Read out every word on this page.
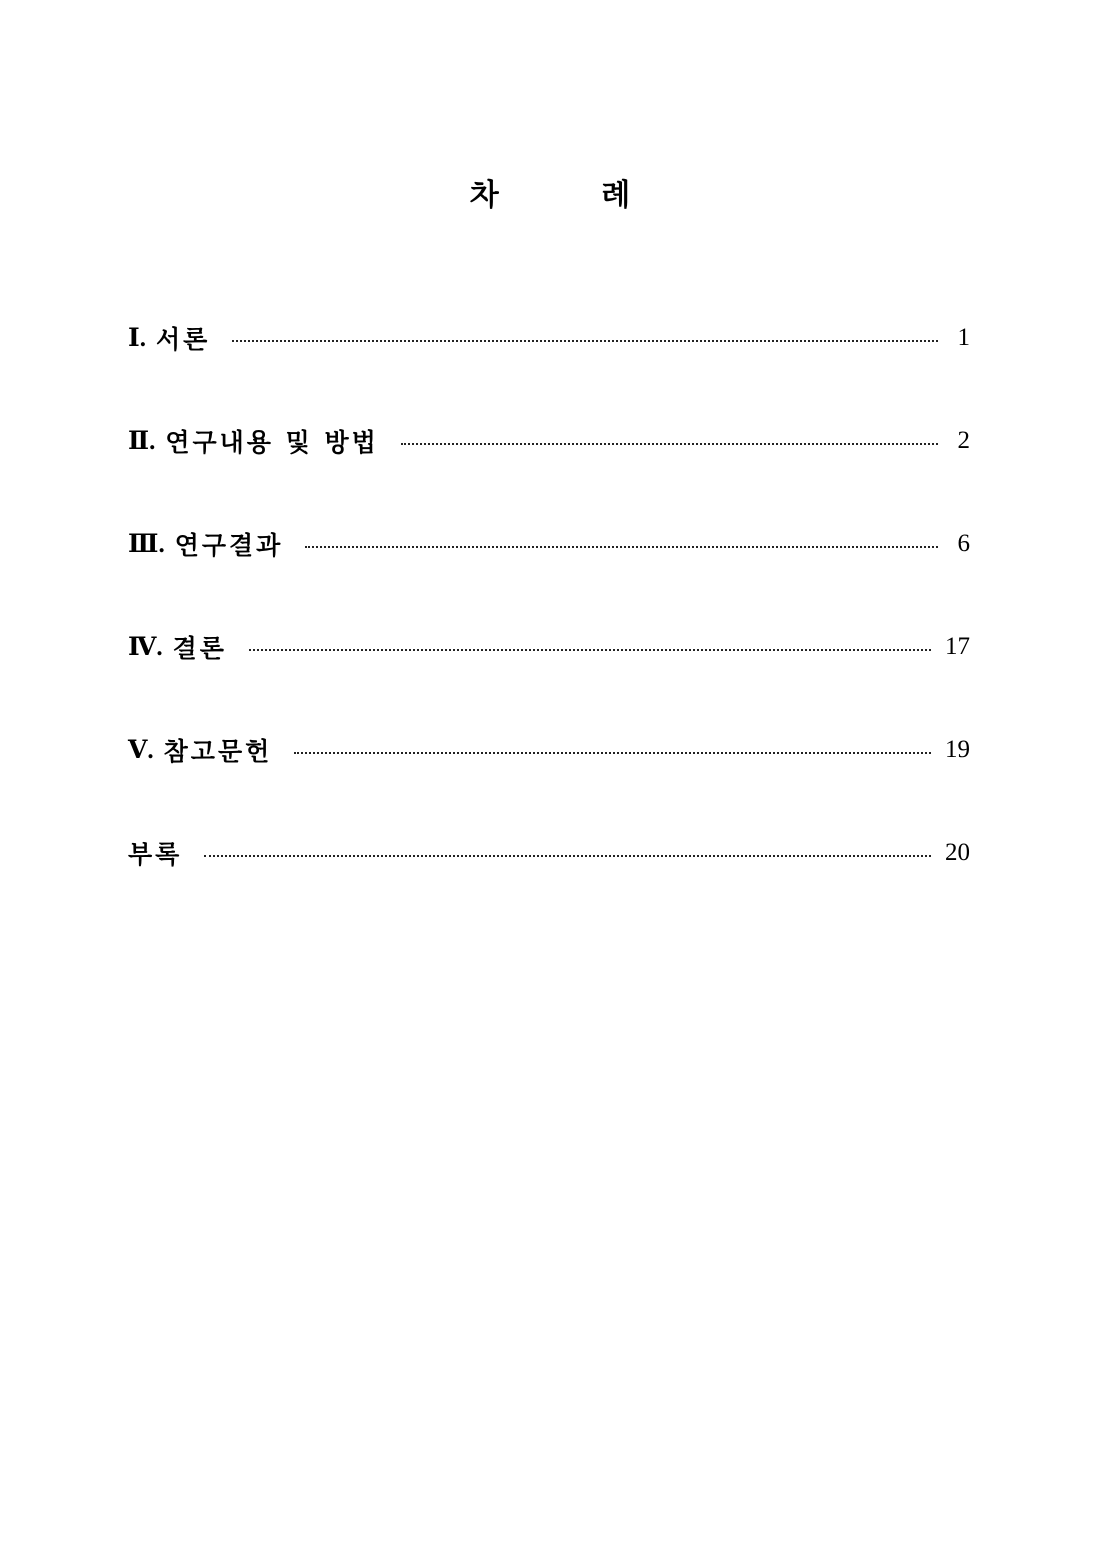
차 례
Ⅰ. 서론	1
Ⅱ. 연구내용 및 방법	2
Ⅲ. 연구결과	6
Ⅳ. 결론	17
Ⅴ. 참고문헌	19
부록	20
